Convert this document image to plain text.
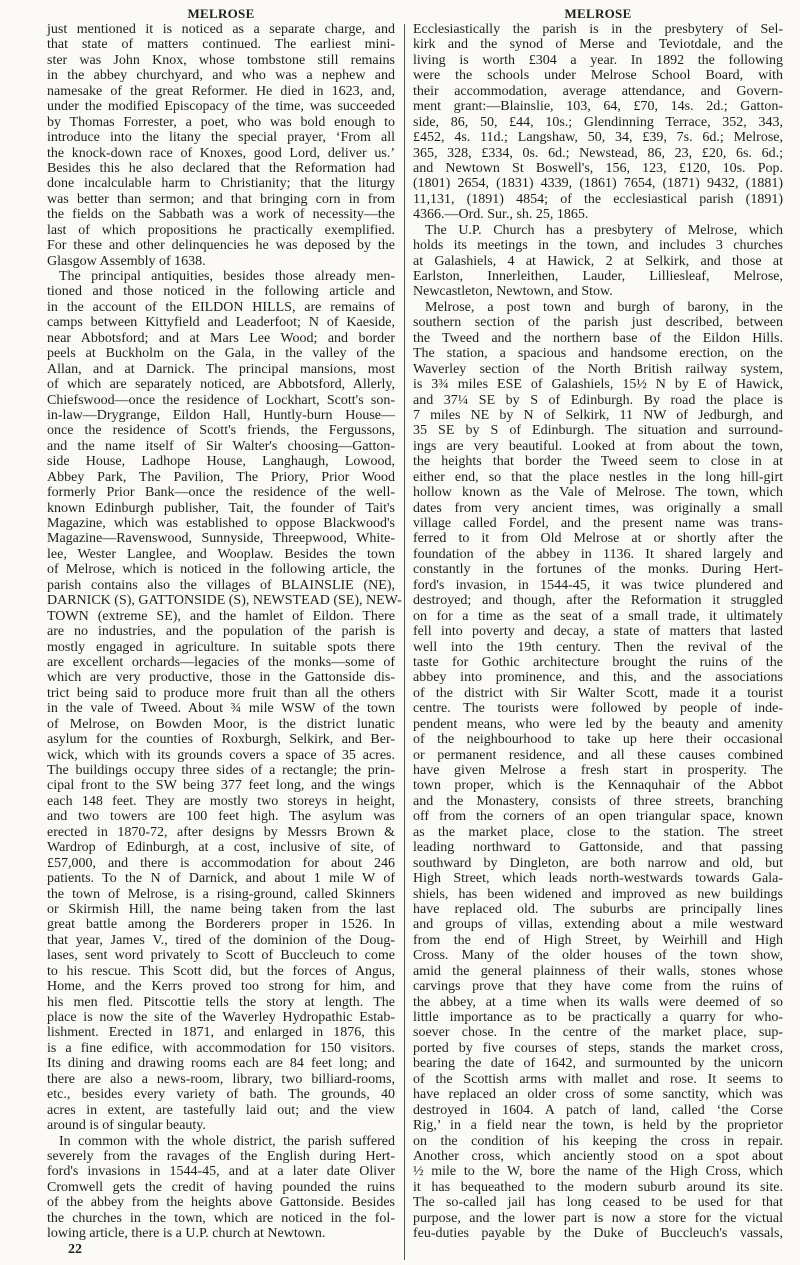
MELROSE	MELROSE
just mentioned it is noticed as a separate charge, and
that state of matters continued. The earliest mini-
ster was John Knox, whose tombstone still remains
in the abbey churchyard, and who was a nephew and
namesake of the great Reformer. He died in 1623, and,
under the modified Episcopacy of the time, was succeeded
by Thomas Forrester, a poet, who was bold enough to
introduce into the litany the special prayer, ‘From all
the knock-down race of Knoxes, good Lord, deliver us.’
Besides this he also declared that the Reformation had
done incalculable harm to Christianity; that the liturgy
was better than sermon; and that bringing corn in from
the fields on the Sabbath was a work of necessity—the
last of which propositions he practically exemplified.
For these and other delinquencies he was deposed by the
Glasgow Assembly of 1638.
The principal antiquities, besides those already men-
tioned and those noticed in the following article and
in the account of the EILDON HILLS, are remains of
camps between Kittyfield and Leaderfoot; N of Kaeside,
near Abbotsford; and at Mars Lee Wood; and border
peels at Buckholm on the Gala, in the valley of the
Allan, and at Darnick. The principal mansions, most
of which are separately noticed, are Abbotsford, Allerly,
Chiefswood—once the residence of Lockhart, Scott's son-
in-law—Drygrange, Eildon Hall, Huntly-burn House—
once the residence of Scott's friends, the Fergussons,
and the name itself of Sir Walter's choosing—Gatton-
side House, Ladhope House, Langhaugh, Lowood,
Abbey Park, The Pavilion, The Priory, Prior Wood
formerly Prior Bank—once the residence of the well-
known Edinburgh publisher, Tait, the founder of Tait's
Magazine, which was established to oppose Blackwood's
Magazine—Ravenswood, Sunnyside, Threepwood, White-
lee, Wester Langlee, and Wooplaw. Besides the town
of Melrose, which is noticed in the following article, the
parish contains also the villages of BLAINSLIE (NE),
DARNICK (S), GATTONSIDE (S), NEWSTEAD (SE), NEW-
TOWN (extreme SE), and the hamlet of Eildon. There
are no industries, and the population of the parish is
mostly engaged in agriculture. In suitable spots there
are excellent orchards—legacies of the monks—some of
which are very productive, those in the Gattonside dis-
trict being said to produce more fruit than all the others
in the vale of Tweed. About ¾ mile WSW of the town
of Melrose, on Bowden Moor, is the district lunatic
asylum for the counties of Roxburgh, Selkirk, and Ber-
wick, which with its grounds covers a space of 35 acres.
The buildings occupy three sides of a rectangle; the prin-
cipal front to the SW being 377 feet long, and the wings
each 148 feet. They are mostly two storeys in height,
and two towers are 100 feet high. The asylum was
erected in 1870-72, after designs by Messrs Brown &
Wardrop of Edinburgh, at a cost, inclusive of site, of
£57,000, and there is accommodation for about 246
patients. To the N of Darnick, and about 1 mile W of
the town of Melrose, is a rising-ground, called Skinners
or Skirmish Hill, the name being taken from the last
great battle among the Borderers proper in 1526. In
that year, James V., tired of the dominion of the Doug-
lases, sent word privately to Scott of Buccleuch to come
to his rescue. This Scott did, but the forces of Angus,
Home, and the Kerrs proved too strong for him, and
his men fled. Pitscottie tells the story at length. The
place is now the site of the Waverley Hydropathic Estab-
lishment. Erected in 1871, and enlarged in 1876, this
is a fine edifice, with accommodation for 150 visitors.
Its dining and drawing rooms each are 84 feet long; and
there are also a news-room, library, two billiard-rooms,
etc., besides every variety of bath. The grounds, 40
acres in extent, are tastefully laid out; and the view
around is of singular beauty.
In common with the whole district, the parish suffered
severely from the ravages of the English during Hert-
ford's invasions in 1544-45, and at a later date Oliver
Cromwell gets the credit of having pounded the ruins
of the abbey from the heights above Gattonside. Besides
the churches in the town, which are noticed in the fol-
lowing article, there is a U.P. church at Newtown.
Ecclesiastically the parish is in the presbytery of Sel-
kirk and the synod of Merse and Teviotdale, and the
living is worth £304 a year. In 1892 the following
were the schools under Melrose School Board, with
their accommodation, average attendance, and Govern-
ment grant:—Blainslie, 103, 64, £70, 14s. 2d.; Gatton-
side, 86, 50, £44, 10s.; Glendinning Terrace, 352, 343,
£452, 4s. 11d.; Langshaw, 50, 34, £39, 7s. 6d.; Melrose,
365, 328, £334, 0s. 6d.; Newstead, 86, 23, £20, 6s. 6d.;
and Newtown St Boswell's, 156, 123, £120, 10s. Pop.
(1801) 2654, (1831) 4339, (1861) 7654, (1871) 9432, (1881)
11,131, (1891) 4854; of the ecclesiastical parish (1891)
4366.—Ord. Sur., sh. 25, 1865.
The U.P. Church has a presbytery of Melrose, which
holds its meetings in the town, and includes 3 churches
at Galashiels, 4 at Hawick, 2 at Selkirk, and those at
Earlston, Innerleithen, Lauder, Lilliesleaf, Melrose,
Newcastleton, Newtown, and Stow.
Melrose, a post town and burgh of barony, in the
southern section of the parish just described, between
the Tweed and the northern base of the Eildon Hills.
The station, a spacious and handsome erection, on the
Waverley section of the North British railway system,
is 3¾ miles ESE of Galashiels, 15½ N by E of Hawick,
and 37¼ SE by S of Edinburgh. By road the place is
7 miles NE by N of Selkirk, 11 NW of Jedburgh, and
35 SE by S of Edinburgh. The situation and surround-
ings are very beautiful. Looked at from about the town,
the heights that border the Tweed seem to close in at
either end, so that the place nestles in the long hill-girt
hollow known as the Vale of Melrose. The town, which
dates from very ancient times, was originally a small
village called Fordel, and the present name was trans-
ferred to it from Old Melrose at or shortly after the
foundation of the abbey in 1136. It shared largely and
constantly in the fortunes of the monks. During Hert-
ford's invasion, in 1544-45, it was twice plundered and
destroyed; and though, after the Reformation it struggled
on for a time as the seat of a small trade, it ultimately
fell into poverty and decay, a state of matters that lasted
well into the 19th century. Then the revival of the
taste for Gothic architecture brought the ruins of the
abbey into prominence, and this, and the associations
of the district with Sir Walter Scott, made it a tourist
centre. The tourists were followed by people of inde-
pendent means, who were led by the beauty and amenity
of the neighbourhood to take up here their occasional
or permanent residence, and all these causes combined
have given Melrose a fresh start in prosperity. The
town proper, which is the Kennaquhair of the Abbot
and the Monastery, consists of three streets, branching
off from the corners of an open triangular space, known
as the market place, close to the station. The street
leading northward to Gattonside, and that passing
southward by Dingleton, are both narrow and old, but
High Street, which leads north-westwards towards Gala-
shiels, has been widened and improved as new buildings
have replaced old. The suburbs are principally lines
and groups of villas, extending about a mile westward
from the end of High Street, by Weirhill and High
Cross. Many of the older houses of the town show,
amid the general plainness of their walls, stones whose
carvings prove that they have come from the ruins of
the abbey, at a time when its walls were deemed of so
little importance as to be practically a quarry for who-
soever chose. In the centre of the market place, sup-
ported by five courses of steps, stands the market cross,
bearing the date of 1642, and surmounted by the unicorn
of the Scottish arms with mallet and rose. It seems to
have replaced an older cross of some sanctity, which was
destroyed in 1604. A patch of land, called ‘the Corse
Rig,’ in a field near the town, is held by the proprietor
on the condition of his keeping the cross in repair.
Another cross, which anciently stood on a spot about
½ mile to the W, bore the name of the High Cross, which
it has bequeathed to the modern suburb around its site.
The so-called jail has long ceased to be used for that
purpose, and the lower part is now a store for the victual
feu-duties payable by the Duke of Buccleuch's vassals,
22
